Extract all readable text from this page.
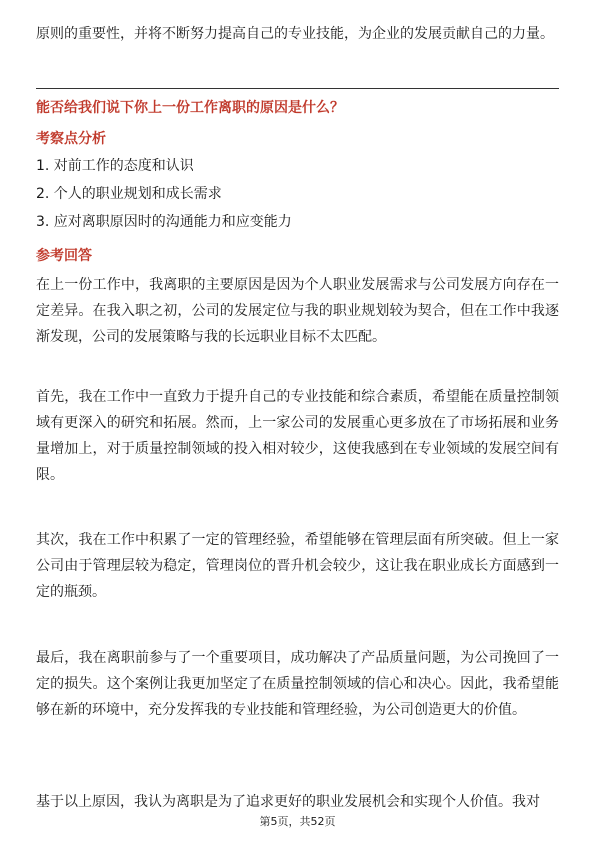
原则的重要性，并将不断努力提高自己的专业技能，为企业的发展贡献自己的力量。

能否给我们说下你上一份工作离职的原因是什么？

考察点分析

1. 对前工作的态度和认识

2. 个人的职业规划和成长需求

3. 应对离职原因时的沟通能力和应变能力

参考回答

在上一份工作中，我离职的主要原因是因为个人职业发展需求与公司发展方向存在一定差异。在我入职之初，公司的发展定位与我的职业规划较为契合，但在工作中我逐渐发现，公司的发展策略与我的长远职业目标不太匹配。

首先，我在工作中一直致力于提升自己的专业技能和综合素质，希望能在质量控制领域有更深入的研究和拓展。然而，上一家公司的发展重心更多放在了市场拓展和业务量增加上，对于质量控制领域的投入相对较少，这使我感到在专业领域的发展空间有限。

其次，我在工作中积累了一定的管理经验，希望能够在管理层面有所突破。但上一家公司由于管理层较为稳定，管理岗位的晋升机会较少，这让我在职业成长方面感到一定的瓶颈。

最后，我在离职前参与了一个重要项目，成功解决了产品质量问题，为公司挽回了一定的损失。这个案例让我更加坚定了在质量控制领域的信心和决心。因此，我希望能够在新的环境中，充分发挥我的专业技能和管理经验，为公司创造更大的价值。

基于以上原因，我认为离职是为了追求更好的职业发展机会和实现个人价值。我对

第5页，共52页
